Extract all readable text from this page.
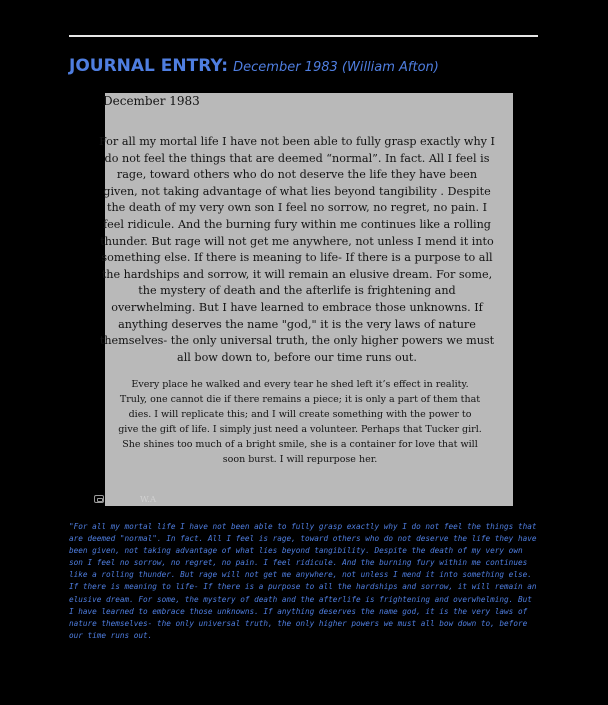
JOURNAL ENTRY: December 1983 (William Afton)
December 1983

For all my mortal life I have not been able to fully grasp exactly why I do not feel the things that are deemed “normal”. In fact. All I feel is rage, toward others who do not deserve the life they have been given, not taking advantage of what lies beyond tangibility . Despite the death of my very own son I feel no sorrow, no regret, no pain. I feel ridicule. And the burning fury within me continues like a rolling thunder. But rage will not get me anywhere, not unless I mend it into something else. If there is meaning to life- If there is a purpose to all the hardships and sorrow, it will remain an elusive dream. For some, the mystery of death and the afterlife is frightening and overwhelming. But I have learned to embrace those unknowns. If anything deserves the name "god," it is the very laws of nature themselves- the only universal truth, the only higher powers we must all bow down to, before our time runs out.

Every place he walked and every tear he shed left it’s effect in reality. Truly, one cannot die if there remains a piece; it is only a part of them that dies. I will replicate this; and I will create something with the power to give the gift of life. I simply just need a volunteer. Perhaps that Tucker girl. She shines too much of a bright smile, she is a container for love that will soon burst. I will repurpose her.

W.A

"For all my mortal life I have not been able to fully grasp exactly why I do not feel the things that are deemed "normal". In fact. All I feel is rage, toward others who do not deserve the life they have been given, not taking advantage of what lies beyond tangibility. Despite the death of my very own son I feel no sorrow, no regret, no pain. I feel ridicule. And the burning fury within me continues like a rolling thunder. But rage will not get me anywhere, not unless I mend it into something else. If there is meaning to life- If there is a purpose to all the hardships and sorrow, it will remain an elusive dream. For some, the mystery of death and the afterlife is frightening and overwhelming. But I have learned to embrace those unknowns. If anything deserves the name god, it is the very laws of nature themselves- the only universal truth, the only higher powers we must all bow down to, before our time runs out.
